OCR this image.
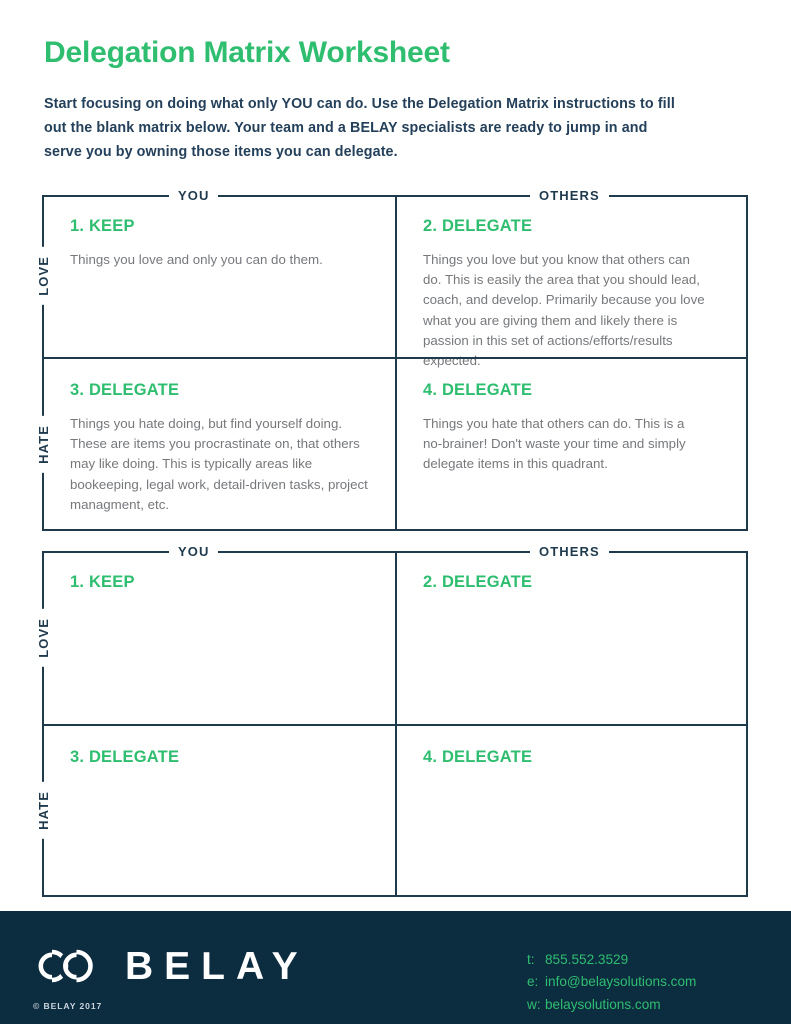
Delegation Matrix Worksheet

Start focusing on doing what only YOU can do. Use the Delegation Matrix instructions to fill out the blank matrix below. Your team and a BELAY specialists are ready to jump in and serve you by owning those items you can delegate.

YOU	OTHERS
LOVE
1. KEEP
Things you love and only you can do them.
2. DELEGATE
Things you love but you know that others can do. This is easily the area that you should lead, coach, and develop. Primarily because you love what you are giving them and likely there is passion in this set of actions/efforts/results expected.
HATE
3. DELEGATE
Things you hate doing, but find yourself doing. These are items you procrastinate on, that others may like doing. This is typically areas like bookeeping, legal work, detail-driven tasks, project managment, etc.
4. DELEGATE
Things you hate that others can do. This is a no-brainer! Don't waste your time and simply delegate items in this quadrant.
YOU	OTHERS
LOVE
1. KEEP	2. DELEGATE
HATE
3. DELEGATE	4. DELEGATE
BELAY
© BELAY 2017
t: 855.552.3529
e: info@belaysolutions.com
w: belaysolutions.com
